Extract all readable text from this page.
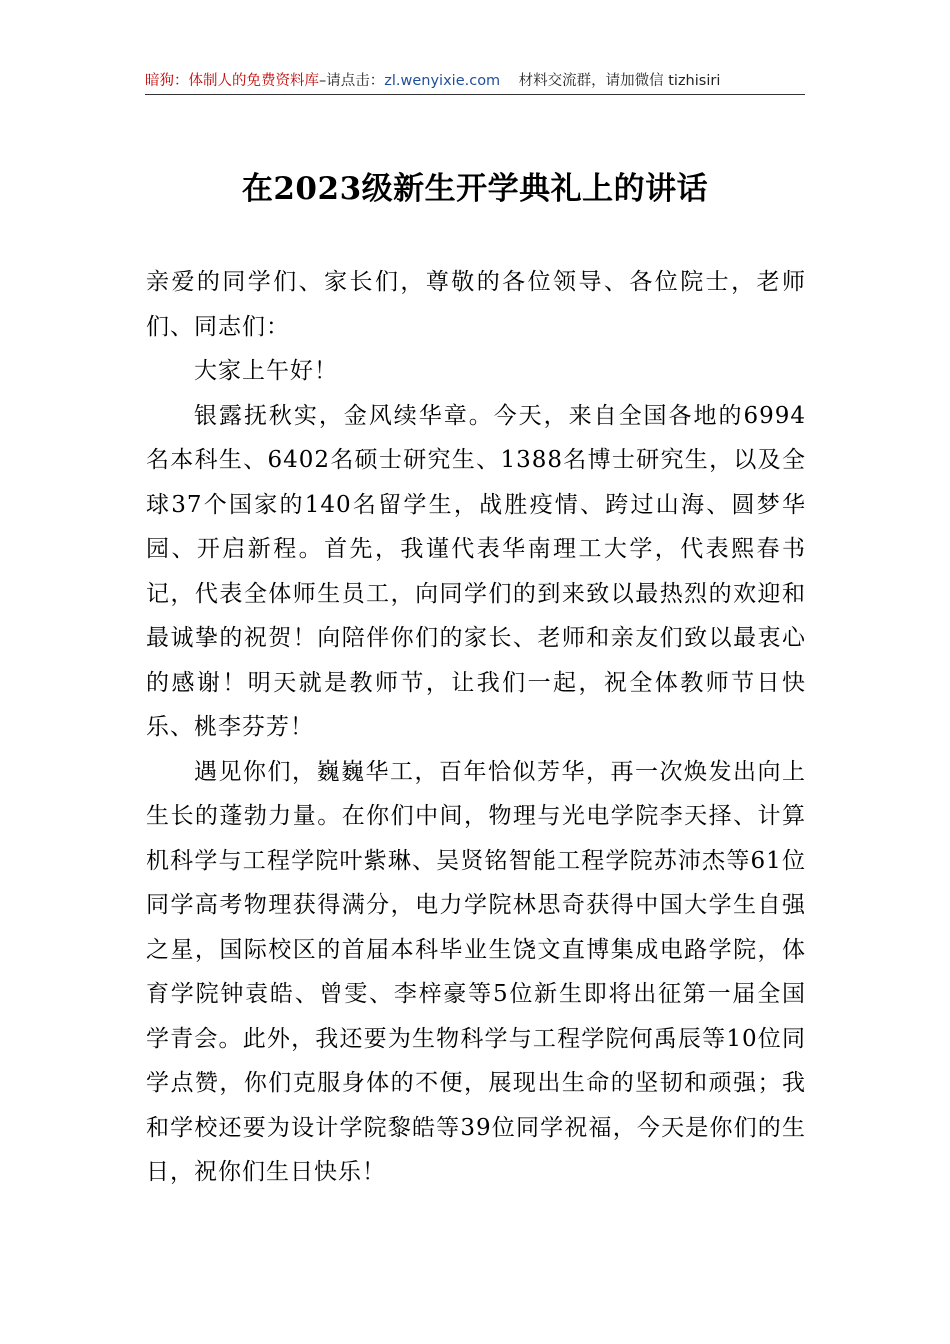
暗狗：体制人的免费资料库–请点击：zl.wenyixie.com 材料交流群，请加微信 tizhisiri
在2023级新生开学典礼上的讲话

亲爱的同学们、家长们，尊敬的各位领导、各位院士，老师们、同志们：

大家上午好！

银露抚秋实，金风续华章。今天，来自全国各地的6994名本科生、6402名硕士研究生、1388名博士研究生，以及全球37个国家的140名留学生，战胜疫情、跨过山海、圆梦华园、开启新程。首先，我谨代表华南理工大学，代表熙春书记，代表全体师生员工，向同学们的到来致以最热烈的欢迎和最诚挚的祝贺！向陪伴你们的家长、老师和亲友们致以最衷心的感谢！明天就是教师节，让我们一起，祝全体教师节日快乐、桃李芬芳！

遇见你们，巍巍华工，百年恰似芳华，再一次焕发出向上生长的蓬勃力量。在你们中间，物理与光电学院李天择、计算机科学与工程学院叶紫琳、吴贤铭智能工程学院苏沛杰等61位同学高考物理获得满分，电力学院林思奇获得中国大学生自强之星，国际校区的首届本科毕业生饶文直博集成电路学院，体育学院钟袁皓、曾雯、李梓豪等5位新生即将出征第一届全国学青会。此外，我还要为生物科学与工程学院何禹辰等10位同学点赞，你们克服身体的不便，展现出生命的坚韧和顽强；我和学校还要为设计学院黎皓等39位同学祝福，今天是你们的生日，祝你们生日快乐！
